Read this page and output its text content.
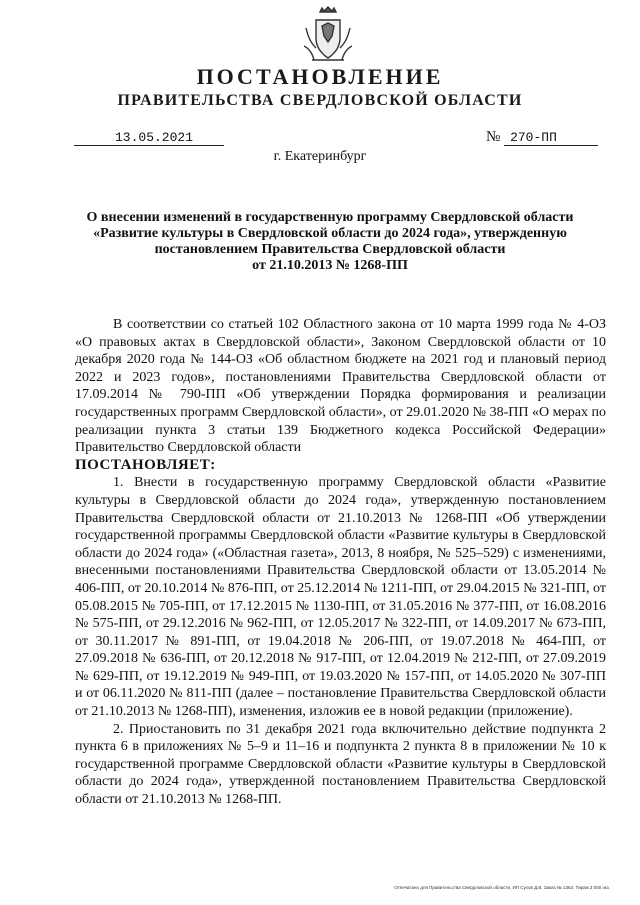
ПОСТАНОВЛЕНИЕ
ПРАВИТЕЛЬСТВА СВЕРДЛОВСКОЙ ОБЛАСТИ
13.05.2021	№ 270-ПП
г. Екатеринбург
О внесении изменений в государственную программу Свердловской области
«Развитие культуры в Свердловской области до 2024 года», утвержденную
постановлением Правительства Свердловской области
от 21.10.2013 № 1268-ПП

В соответствии со статьей 102 Областного закона от 10 марта 1999 года № 4-ОЗ «О правовых актах в Свердловской области», Законом Свердловской области от 10 декабря 2020 года № 144-ОЗ «Об областном бюджете на 2021 год и плановый период 2022 и 2023 годов», постановлениями Правительства Свердловской области от 17.09.2014 № 790-ПП «Об утверждении Порядка формирования и реализации государственных программ Свердловской области», от 29.01.2020 № 38-ПП «О мерах по реализации пункта 3 статьи 139 Бюджетного кодекса Российской Федерации» Правительство Свердловской области

ПОСТАНОВЛЯЕТ:

1. Внести в государственную программу Свердловской области «Развитие культуры в Свердловской области до 2024 года», утвержденную постановлением Правительства Свердловской области от 21.10.2013 № 1268-ПП «Об утверждении государственной программы Свердловской области «Развитие культуры в Свердловской области до 2024 года» («Областная газета», 2013, 8 ноября, № 525–529) с изменениями, внесенными постановлениями Правительства Свердловской области от 13.05.2014 № 406-ПП, от 20.10.2014 № 876-ПП, от 25.12.2014 № 1211-ПП, от 29.04.2015 № 321-ПП, от 05.08.2015 № 705-ПП, от 17.12.2015 № 1130-ПП, от 31.05.2016 № 377-ПП, от 16.08.2016 № 575-ПП, от 29.12.2016 № 962-ПП, от 12.05.2017 № 322-ПП, от 14.09.2017 № 673-ПП, от 30.11.2017 № 891-ПП, от 19.04.2018 № 206-ПП, от 19.07.2018 № 464-ПП, от 27.09.2018 № 636-ПП, от 20.12.2018 № 917-ПП, от 12.04.2019 № 212-ПП, от 27.09.2019 № 629-ПП, от 19.12.2019 № 949-ПП, от 19.03.2020 № 157-ПП, от 14.05.2020 № 307-ПП и от 06.11.2020 № 811-ПП (далее – постановление Правительства Свердловской области от 21.10.2013 № 1268-ПП), изменения, изложив ее в новой редакции (приложение).

2. Приостановить по 31 декабря 2021 года включительно действие подпункта 2 пункта 6 в приложениях № 5–9 и 11–16 и подпункта 2 пункта 8 в приложении № 10 к государственной программе Свердловской области «Развитие культуры в Свердловской области до 2024 года», утвержденной постановлением Правительства Свердловской области от 21.10.2013 № 1268-ПП.

Отпечатано для Правительства Свердловской области, ИП Сухов Д.В. Заказ № 1363. Тираж 2 000 экз.
